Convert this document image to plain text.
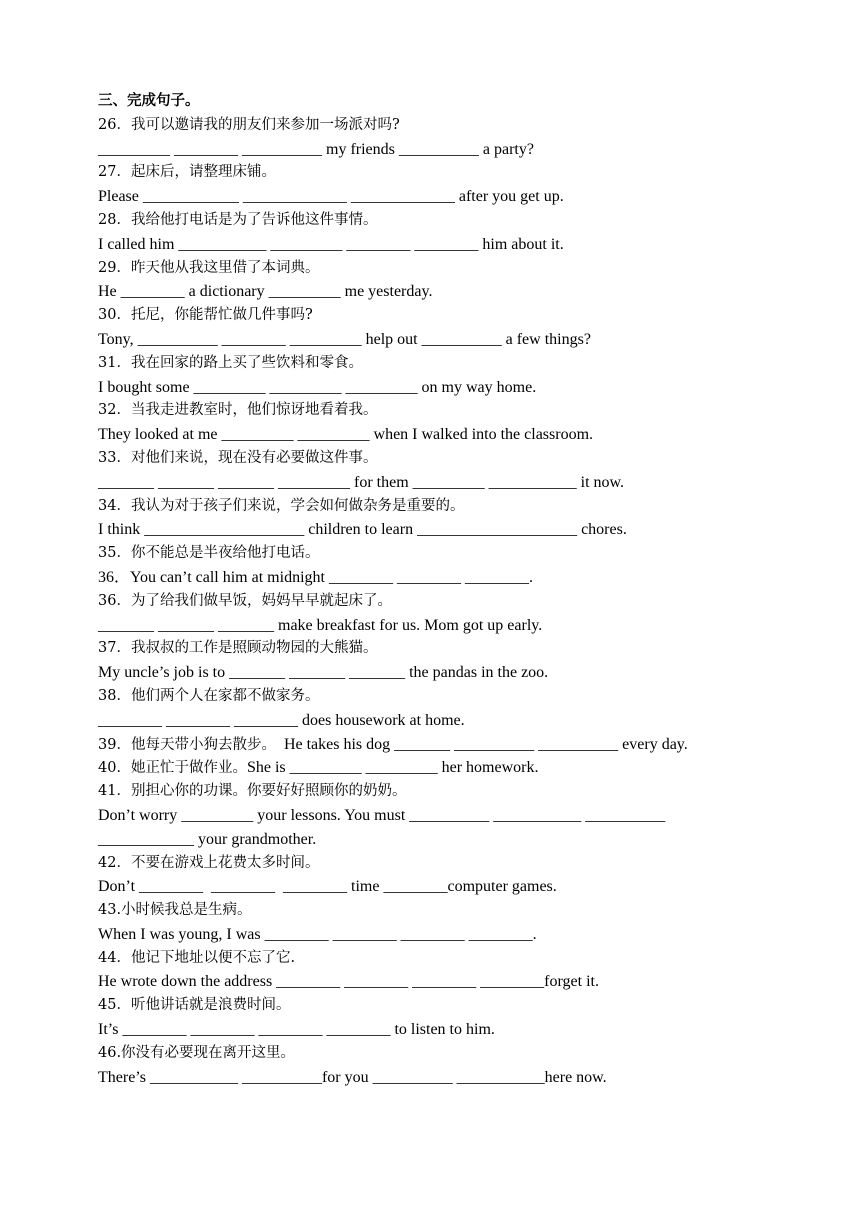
三、完成句子。
26．我可以邀请我的朋友们来参加一场派对吗?
_________ ________ __________ my friends __________ a party?
27．起床后，请整理床铺。
Please ____________ _____________ _____________ after you get up.
28．我给他打电话是为了告诉他这件事情。
I called him ___________ _________ ________ ________ him about it.
29．昨天他从我这里借了本词典。
He ________ a dictionary _________ me yesterday.
30．托尼，你能帮忙做几件事吗?
Tony, __________ ________ _________ help out __________ a few things?
31．我在回家的路上买了些饮料和零食。
I bought some _________ _________ _________ on my way home.
32．当我走进教室时，他们惊讶地看着我。
They looked at me _________ _________ when I walked into the classroom.
33．对他们来说，现在没有必要做这件事。
_______ _______ _______ _________ for them _________ ___________ it now.
34．我认为对于孩子们来说，学会如何做杂务是重要的。
I think ____________________ children to learn ____________________ chores.
35．你不能总是半夜给他打电话。
36．You can’t call him at midnight ________ ________ ________.
36．为了给我们做早饭，妈妈早早就起床了。
_______ _______ _______ make breakfast for us. Mom got up early.
37．我叔叔的工作是照顾动物园的大熊猫。
My uncle’s job is to _______ _______ _______ the pandas in the zoo.
38．他们两个人在家都不做家务。
________ ________ ________ does housework at home.
39．他每天带小狗去散步。  He takes his dog _______ __________ __________ every day.
40．她正忙于做作业。She is _________ _________ her homework.
41．别担心你的功课。你要好好照顾你的奶奶。
Don’t worry _________ your lessons. You must __________ ___________ __________
____________ your grandmother.
42．不要在游戏上花费太多时间。
Don’t ________  ________  ________ time ________computer games.
43.小时候我总是生病。
When I was young, I was ________ ________ ________ ________.
44．他记下地址以便不忘了它.
He wrote down the address ________ ________ ________ ________forget it.
45．听他讲话就是浪费时间。
It’s ________ ________ ________ ________ to listen to him.
46.你没有必要现在离开这里。
There’s ___________ __________for you __________ ___________here now.
